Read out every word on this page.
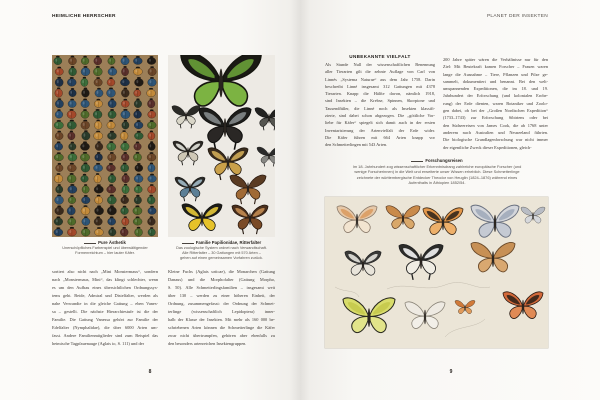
HEIMLICHE HERRSCHER	PLANET DER INSEKTEN
Pure Ästhetik
Unerschöpfliches Farbenspiel und überwältigender
Formenreichtum – hier lauter Käfer.
Familie Papilionidae, Ritterfalter
Das zoologische System ordnet nach Verwandtschaft.
Alle Ritterfalter – 30 Gattungen mit 570 Arten –
gehen auf einen gemeinsamen Vorfahren zurück.
sortiert also nicht nach „Mini Monstermaus“, sondern
nach „Monstermaus, Mini“, das klingt schlechter, wenn
es um den Aufbau eines übersichtlichen Ordnungssys-
tems geht. Beide, Admiral und Distelfalter, werden als
nahe Verwandte in die gleiche Gattung – eben Vanes-
sa – gestellt. Die nächste Hierarchiestufe ist die der
Familie. Die Gattung Vanessa gehört zur Familie der
Edelfalter (Nymphalidae), die über 6000 Arten um-
fasst. Andere Familienmitglieder sind zum Beispiel das
heimische Tagpfauenauge (Aglais io, S. 111) und der
Kleine Fuchs (Aglais urticae), die Monarchen (Gattung
Danaus) und die Morphofalter (Gattung Morpho,
S. 50). Alle Schmetterlingsfamilien – insgesamt weit
über 130 – werden zu einer höheren Einheit, der
Ordnung, zusammengefasst: der Ordnung der Schmet-
terlinge (wissenschaftlich Lepidoptera) inner-
halb der Klasse der Insekten. Mit mehr als 160 000 be-
schriebenen Arten können die Schmetterlinge die Käfer
zwar nicht übertrumpfen, gehören aber ebenfalls zu
den besonders artenreichen Insektengruppen.
8
UNBEKANNTE VIELFALT
Als Stunde Null der wissenschaftlichen Benennung
aller Tierarten gilt die zehnte Auflage von Carl von
Linnés „Systema Naturae“ aus dem Jahr 1758. Darin
beschreibt Linné insgesamt 312 Gattungen mit 4378
Tierarten. Knapp die Hälfte davon, nämlich 1918,
sind Insekten – die Krebse, Spinnen, Skorpione und
Tausendfüßer, die Linné noch als Insekten klassifi-
zierte, sind dabei schon abgezogen. Die „göttliche Vor-
liebe für Käfer“ spiegelt sich damit auch in der ersten
Inventarisierung der Artenvielfalt der Erde wider.
Die Käfer führen mit 664 Arten knapp vor
den Schmetterlingen mit 543 Arten.
200 Jahre später wären die Verhältnisse nur für den
Ziel: Mit Beutekraft kamen Forscher – Frauen waren
lange die Ausnahme – Tiere, Pflanzen und Pilze ge-
sammelt, dokumentiert und benannt. Bei den welt-
umspannenden Expeditionen, die im 18. und 19.
Jahrhundert der Erforschung (und kolonialen Erobe-
rung) der Erde dienten, waren Botaniker und Zoolo-
gen dabei, ob bei der „Großen Nordischen Expedition“
(1733–1743) zur Erforschung Sibiriens oder bei
den Südseereisen von James Cook, die ab 1768 unter
anderem nach Australien und Neuseeland führten.
Die biologische Grundlagenforschung war nicht immer
der eigentliche Zweck dieser Expeditionen, gleich-
Forschungsreisen
Im 18. Jahrhundert zog wissenschaftlicher Erkenntnisdrang zahlreiche europäische Forscher (und
wenige Forscherinnen) in die Welt und erweiterte unser Wissen erheblich. Diese Schmetterlinge
zeichnete der württembergische Entdecker Theodor von Heuglin (1824–1876) während eines
Aufenthalts in Äthiopien 1852/54.
9
